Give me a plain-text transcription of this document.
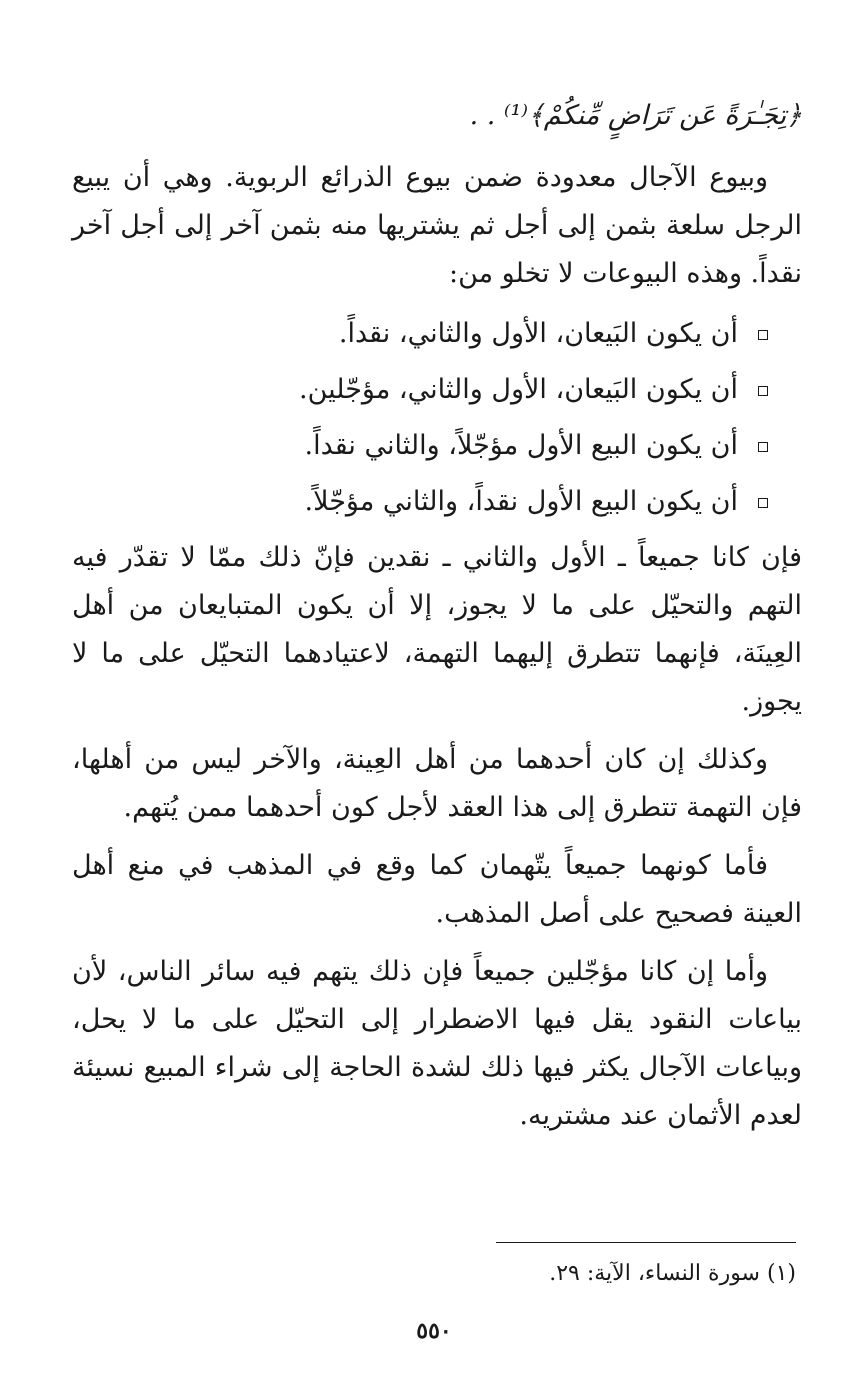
﴿تِجَـٰرَةً عَن تَرَاضٍ مِّنكُمْ﴾⁽¹⁾ . .

وبيوع الآجال معدودة ضمن بيوع الذرائع الربوية. وهي أن يبيع الرجل سلعة بثمن إلى أجل ثم يشتريها منه بثمن آخر إلى أجل آخر نقداً. وهذه البيوعات لا تخلو من:

أن يكون البَيعان، الأول والثاني، نقداً.
أن يكون البَيعان، الأول والثاني، مؤجّلين.
أن يكون البيع الأول مؤجّلاً، والثاني نقداً.
أن يكون البيع الأول نقداً، والثاني مؤجّلاً.

فإن كانا جميعاً ـ الأول والثاني ـ نقدين فإنّ ذلك ممّا لا تقدّر فيه التهم والتحيّل على ما لا يجوز، إلا أن يكون المتبايعان من أهل العِينَة، فإنهما تتطرق إليهما التهمة، لاعتيادهما التحيّل على ما لا يجوز.

وكذلك إن كان أحدهما من أهل العِينة، والآخر ليس من أهلها، فإن التهمة تتطرق إلى هذا العقد لأجل كون أحدهما ممن يُتهم.

فأما كونهما جميعاً يتّهمان كما وقع في المذهب في منع أهل العينة فصحيح على أصل المذهب.

وأما إن كانا مؤجّلين جميعاً فإن ذلك يتهم فيه سائر الناس، لأن بياعات النقود يقل فيها الاضطرار إلى التحيّل على ما لا يحل، وبياعات الآجال يكثر فيها ذلك لشدة الحاجة إلى شراء المبيع نسيئة لعدم الأثمان عند مشتريه.

(١) سورة النساء، الآية: ٢٩.
٥٥٠
